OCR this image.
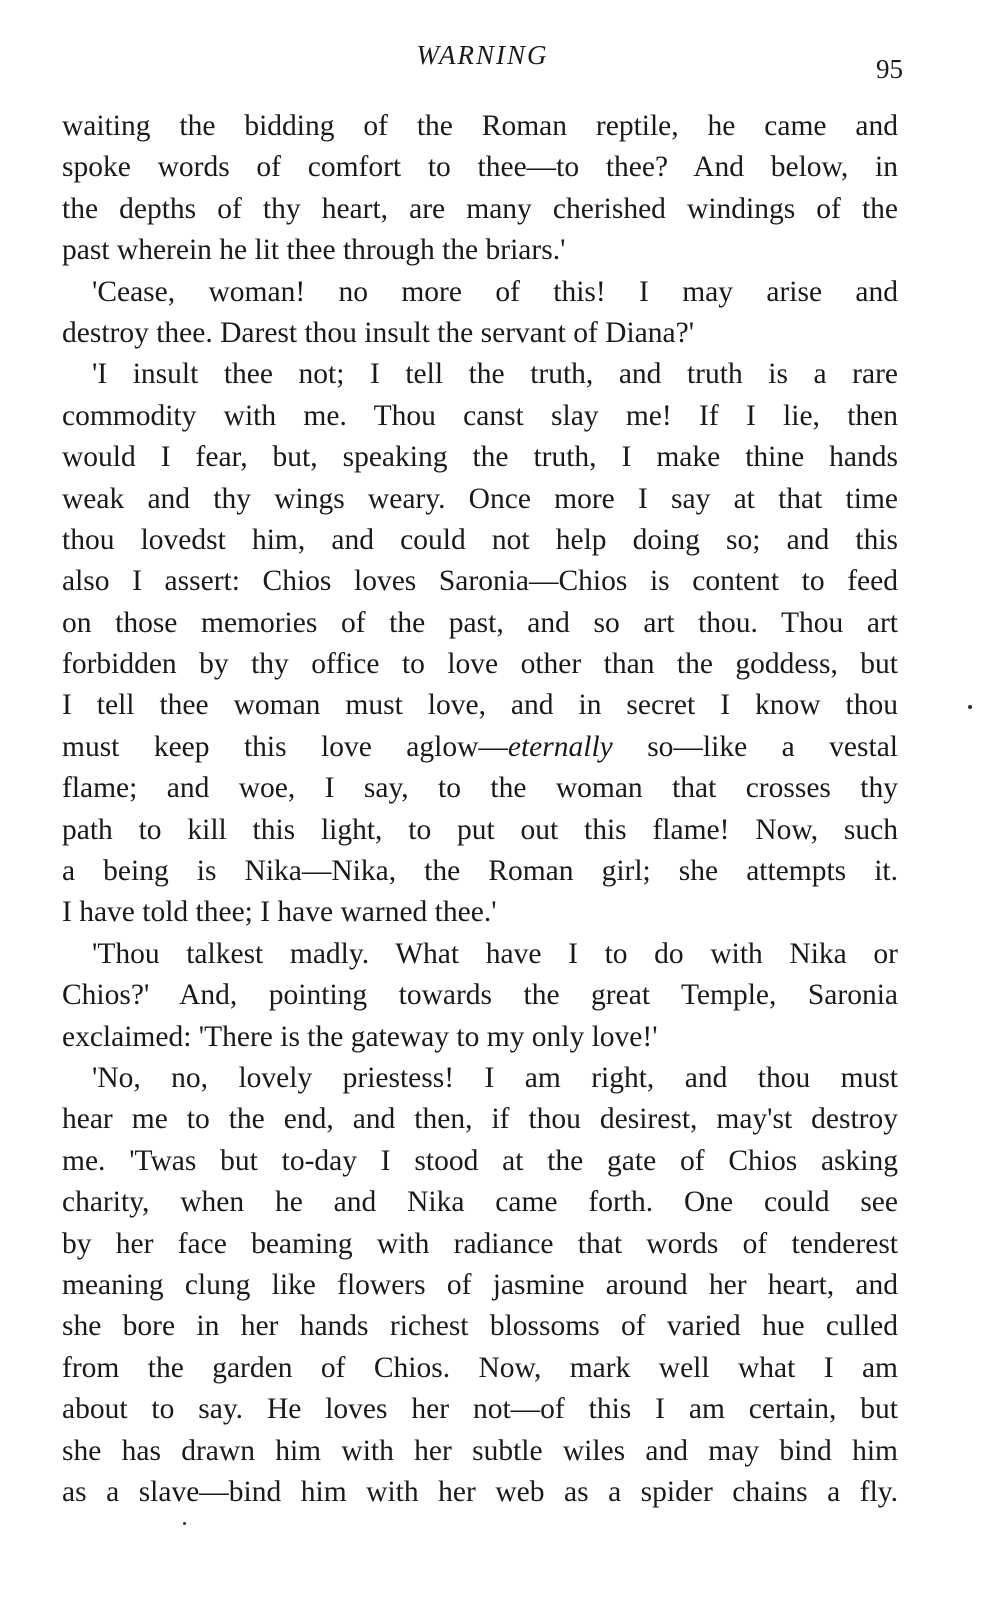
WARNING	95
waiting the bidding of the Roman reptile, he came and
spoke words of comfort to thee—to thee? And below, in
the depths of thy heart, are many cherished windings of the
past wherein he lit thee through the briars.'
'Cease, woman! no more of this! I may arise and
destroy thee. Darest thou insult the servant of Diana?'
'I insult thee not; I tell the truth, and truth is a rare
commodity with me. Thou canst slay me! If I lie, then
would I fear, but, speaking the truth, I make thine hands
weak and thy wings weary. Once more I say at that time
thou lovedst him, and could not help doing so; and this
also I assert: Chios loves Saronia—Chios is content to feed
on those memories of the past, and so art thou. Thou art
forbidden by thy office to love other than the goddess, but
I tell thee woman must love, and in secret I know thou
must keep this love aglow—eternally so—like a vestal
flame; and woe, I say, to the woman that crosses thy
path to kill this light, to put out this flame! Now, such
a being is Nika—Nika, the Roman girl; she attempts it.
I have told thee; I have warned thee.'
'Thou talkest madly. What have I to do with Nika or
Chios?' And, pointing towards the great Temple, Saronia
exclaimed: 'There is the gateway to my only love!'
'No, no, lovely priestess! I am right, and thou must
hear me to the end, and then, if thou desirest, may'st destroy
me. 'Twas but to-day I stood at the gate of Chios asking
charity, when he and Nika came forth. One could see
by her face beaming with radiance that words of tenderest
meaning clung like flowers of jasmine around her heart, and
she bore in her hands richest blossoms of varied hue culled
from the garden of Chios. Now, mark well what I am
about to say. He loves her not—of this I am certain, but
she has drawn him with her subtle wiles and may bind him
as a slave—bind him with her web as a spider chains a fly.
